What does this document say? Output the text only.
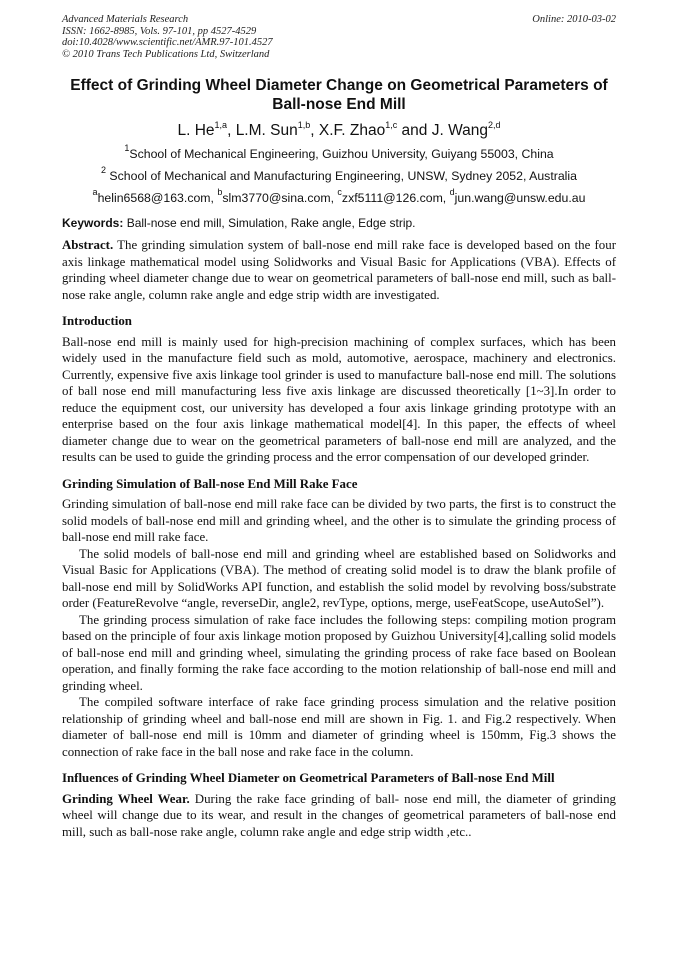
Advanced Materials Research
ISSN: 1662-8985, Vols. 97-101, pp 4527-4529
doi:10.4028/www.scientific.net/AMR.97-101.4527
© 2010 Trans Tech Publications Ltd, Switzerland
Online: 2010-03-02
Effect of Grinding Wheel Diameter Change on Geometrical Parameters of Ball-nose End Mill
L. He$^{1,a}$, L.M. Sun$^{1,b}$, X.F. Zhao$^{1,c}$ and J. Wang$^{2,d}$
$^1$School of Mechanical Engineering, Guizhou University, Guiyang 55003, China
$^2$ School of Mechanical and Manufacturing Engineering, UNSW, Sydney 2052, Australia
$^a$helin6568@163.com, $^b$slm3770@sina.com, $^c$zxf5111@126.com, $^d$jun.wang@unsw.edu.au
Keywords: Ball-nose end mill, Simulation, Rake angle, Edge strip.
Abstract. The grinding simulation system of ball-nose end mill rake face is developed based on the four axis linkage mathematical model using Solidworks and Visual Basic for Applications (VBA). Effects of grinding wheel diameter change due to wear on geometrical parameters of ball-nose end mill, such as ball-nose rake angle, column rake angle and edge strip width are investigated.
Introduction
Ball-nose end mill is mainly used for high-precision machining of complex surfaces, which has been widely used in the manufacture field such as mold, automotive, aerospace, machinery and electronics. Currently, expensive five axis linkage tool grinder is used to manufacture ball-nose end mill. The solutions of ball nose end mill manufacturing less five axis linkage are discussed theoretically [1~3].In order to reduce the equipment cost, our university has developed a four axis linkage grinding prototype with an enterprise based on the four axis linkage mathematical model[4]. In this paper, the effects of wheel diameter change due to wear on the geometrical parameters of ball-nose end mill are analyzed, and the results can be used to guide the grinding process and the error compensation of our developed grinder.
Grinding Simulation of Ball-nose End Mill Rake Face

Grinding simulation of ball-nose end mill rake face can be divided by two parts, the first is to construct the solid models of ball-nose end mill and grinding wheel, and the other is to simulate the grinding process of ball-nose end mill rake face.

The solid models of ball-nose end mill and grinding wheel are established based on Solidworks and Visual Basic for Applications (VBA). The method of creating solid model is to draw the blank profile of ball-nose end mill by SolidWorks API function, and establish the solid model by revolving boss/substrate order (FeatureRevolve “angle, reverseDir, angle2, revType, options, merge, useFeatScope, useAutoSel”).

The grinding process simulation of rake face includes the following steps: compiling motion program based on the principle of four axis linkage motion proposed by Guizhou University[4],calling solid models of ball-nose end mill and grinding wheel, simulating the grinding process of rake face based on Boolean operation, and finally forming the rake face according to the motion relationship of ball-nose end mill and grinding wheel.

The compiled software interface of rake face grinding process simulation and the relative position relationship of grinding wheel and ball-nose end mill are shown in Fig. 1. and Fig.2 respectively. When diameter of ball-nose end mill is 10mm and diameter of grinding wheel is 150mm, Fig.3 shows the connection of rake face in the ball nose and rake face in the column.

Influences of Grinding Wheel Diameter on Geometrical Parameters of Ball-nose End Mill
Grinding Wheel Wear. During the rake face grinding of ball- nose end mill, the diameter of grinding wheel will change due to its wear, and result in the changes of geometrical parameters of ball-nose end mill, such as ball-nose rake angle, column rake angle and edge strip width ,etc..
